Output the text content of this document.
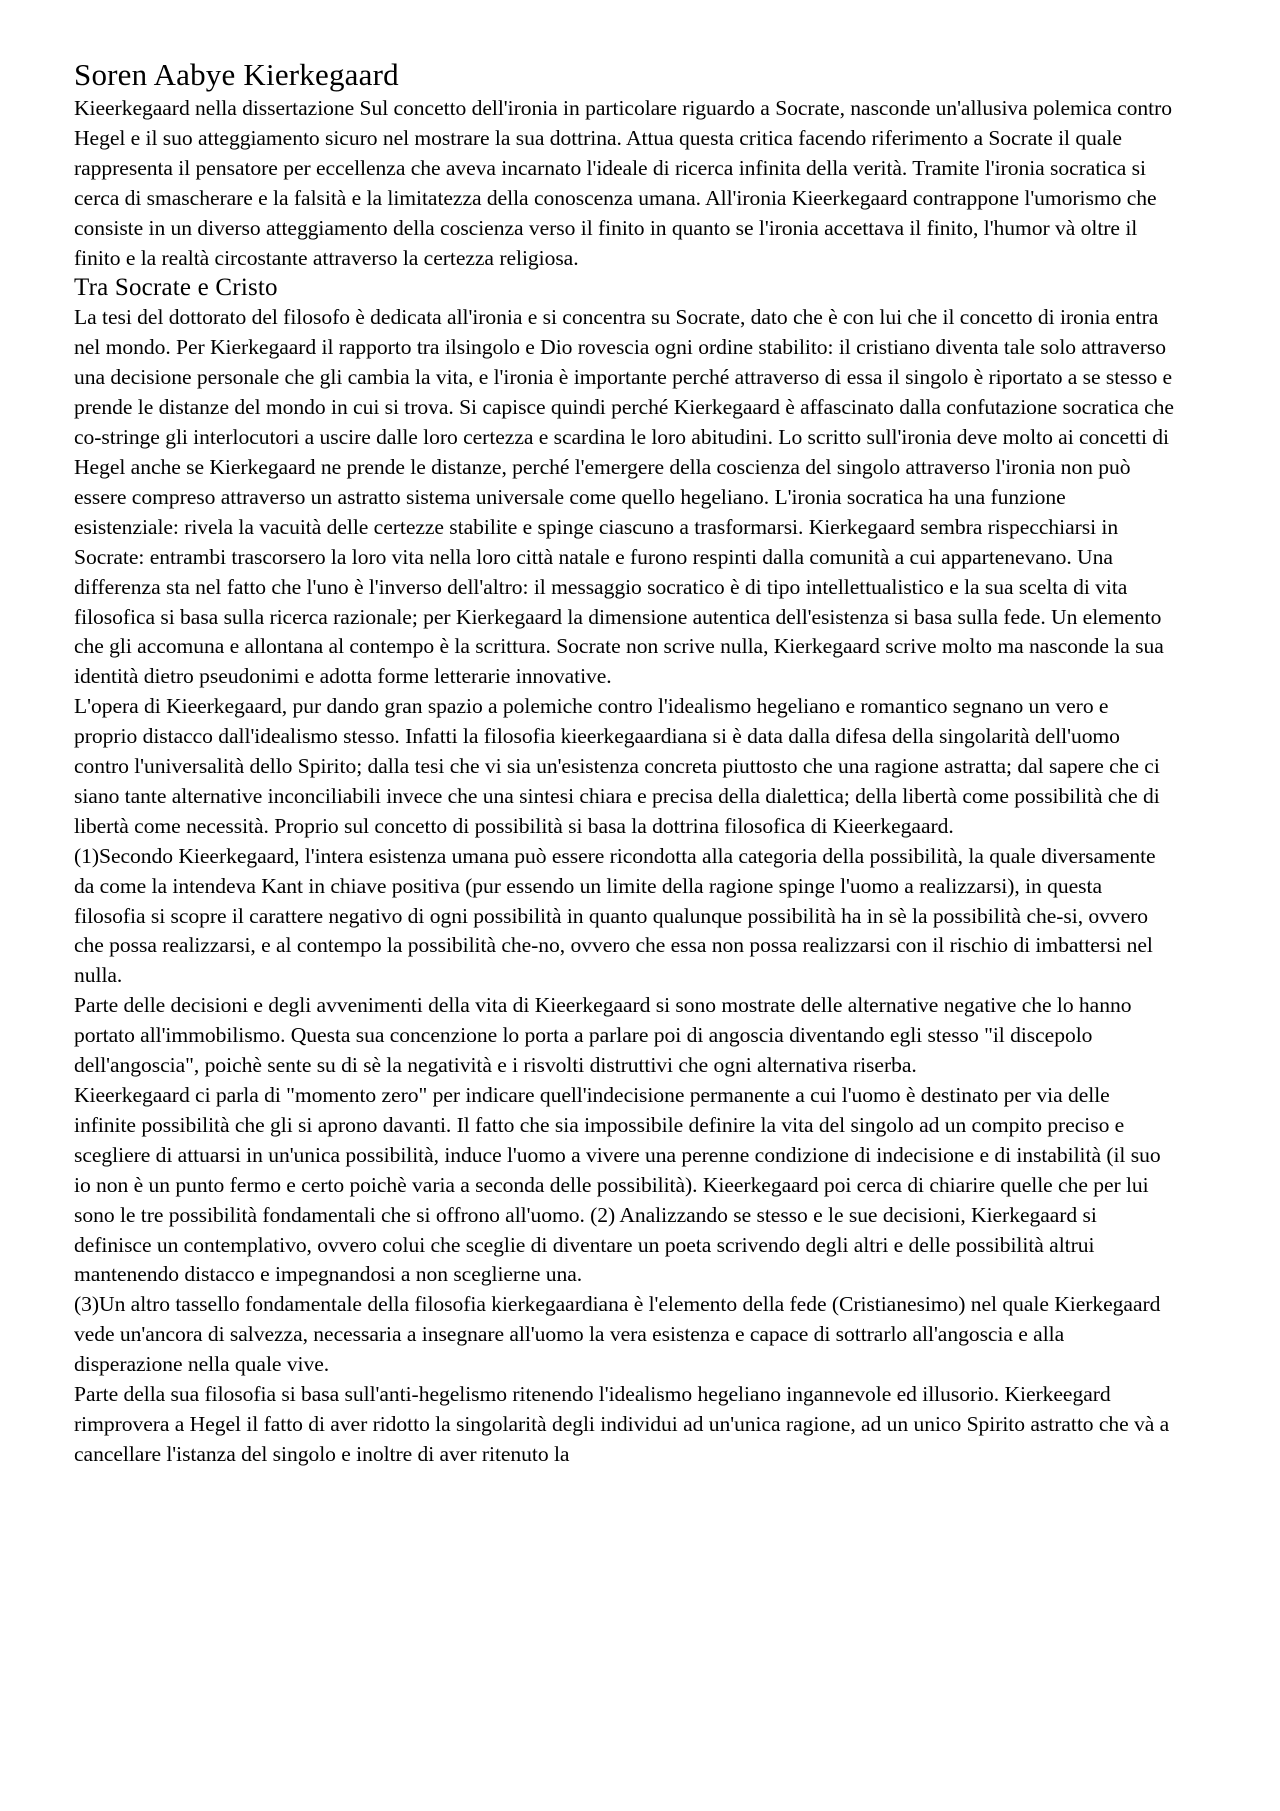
Soren Aabye Kierkegaard

Kieerkegaard nella dissertazione Sul concetto dell'ironia in particolare riguardo a Socrate, nasconde un'allusiva polemica contro Hegel e il suo atteggiamento sicuro nel mostrare la sua dottrina. Attua questa critica facendo riferimento a Socrate il quale rappresenta il pensatore per eccellenza che aveva incarnato l'ideale di ricerca infinita della verità. Tramite l'ironia socratica si cerca di smascherare e la falsità e la limitatezza della conoscenza umana. All'ironia Kieerkegaard contrappone l'umorismo che consiste in un diverso atteggiamento della coscienza verso il finito in quanto se l'ironia accettava il finito, l'humor và oltre il finito e la realtà circostante attraverso la certezza religiosa.

Tra Socrate e Cristo

La tesi del dottorato del filosofo è dedicata all'ironia e si concentra su Socrate, dato che è con lui che il concetto di ironia entra nel mondo. Per Kierkegaard il rapporto tra ilsingolo e Dio rovescia ogni ordine stabilito: il cristiano diventa tale solo attraverso una decisione personale che gli cambia la vita, e l'ironia è importante perché attraverso di essa il singolo è riportato a se stesso e prende le distanze del mondo in cui si trova. Si capisce quindi perché Kierkegaard è affascinato dalla confutazione socratica che co-stringe gli interlocutori a uscire dalle loro certezza e scardina le loro abitudini. Lo scritto sull'ironia deve molto ai concetti di Hegel anche se Kierkegaard ne prende le distanze, perché l'emergere della coscienza del singolo attraverso l'ironia non può essere compreso attraverso un astratto sistema universale come quello hegeliano. L'ironia socratica ha una funzione esistenziale: rivela la vacuità delle certezze stabilite e spinge ciascuno a trasformarsi. Kierkegaard sembra rispecchiarsi in Socrate: entrambi trascorsero la loro vita nella loro città natale e furono respinti dalla comunità a cui appartenevano. Una differenza sta nel fatto che l'uno è l'inverso dell'altro: il messaggio socratico è di tipo intellettualistico e la sua scelta di vita filosofica si basa sulla ricerca razionale; per Kierkegaard la dimensione autentica dell'esistenza si basa sulla fede. Un elemento che gli accomuna e allontana al contempo è la scrittura. Socrate non scrive nulla, Kierkegaard scrive molto ma nasconde la sua identità dietro pseudonimi e adotta forme letterarie innovative.

L'opera di Kieerkegaard, pur dando gran spazio a polemiche contro l'idealismo hegeliano e romantico segnano un vero e proprio distacco dall'idealismo stesso. Infatti la filosofia kieerkegaardiana si è data dalla difesa della singolarità dell'uomo contro l'universalità dello Spirito; dalla tesi che vi sia un'esistenza concreta piuttosto che una ragione astratta; dal sapere che ci siano tante alternative inconciliabili invece che una sintesi chiara e precisa della dialettica; della libertà come possibilità che di libertà come necessità. Proprio sul concetto di possibilità si basa la dottrina filosofica di Kieerkegaard.

(1)Secondo Kieerkegaard, l'intera esistenza umana può essere ricondotta alla categoria della possibilità, la quale diversamente da come la intendeva Kant in chiave positiva (pur essendo un limite della ragione spinge l'uomo a realizzarsi), in questa filosofia si scopre il carattere negativo di ogni possibilità in quanto qualunque possibilità ha in sè la possibilità che-si, ovvero che possa realizzarsi, e al contempo la possibilità che-no, ovvero che essa non possa realizzarsi con il rischio di imbattersi nel nulla.

Parte delle decisioni e degli avvenimenti della vita di Kieerkegaard si sono mostrate delle alternative negative che lo hanno portato all'immobilismo. Questa sua concenzione lo porta a parlare poi di angoscia diventando egli stesso "il discepolo dell'angoscia", poichè sente su di sè la negatività e i risvolti distruttivi che ogni alternativa riserba.

Kieerkegaard ci parla di "momento zero" per indicare quell'indecisione permanente a cui l'uomo è destinato per via delle infinite possibilità che gli si aprono davanti. Il fatto che sia impossibile definire la vita del singolo ad un compito preciso e scegliere di attuarsi in un'unica possibilità, induce l'uomo a vivere una perenne condizione di indecisione e di instabilità (il suo io non è un punto fermo e certo poichè varia a seconda delle possibilità). Kieerkegaard poi cerca di chiarire quelle che per lui sono le tre possibilità fondamentali che si offrono all'uomo. (2) Analizzando se stesso e le sue decisioni, Kierkegaard si definisce un contemplativo, ovvero colui che sceglie di diventare un poeta scrivendo degli altri e delle possibilità altrui mantenendo distacco e impegnandosi a non sceglierne una.

(3)Un altro tassello fondamentale della filosofia kierkegaardiana è l'elemento della fede (Cristianesimo) nel quale Kierkegaard vede un'ancora di salvezza, necessaria a insegnare all'uomo la vera esistenza e capace di sottrarlo all'angoscia e alla disperazione nella quale vive.

Parte della sua filosofia si basa sull'anti-hegelismo ritenendo l'idealismo hegeliano ingannevole ed illusorio. Kierkeegard rimprovera a Hegel il fatto di aver ridotto la singolarità degli individui ad un'unica ragione, ad un unico Spirito astratto che và a cancellare l'istanza del singolo e inoltre di aver ritenuto la
